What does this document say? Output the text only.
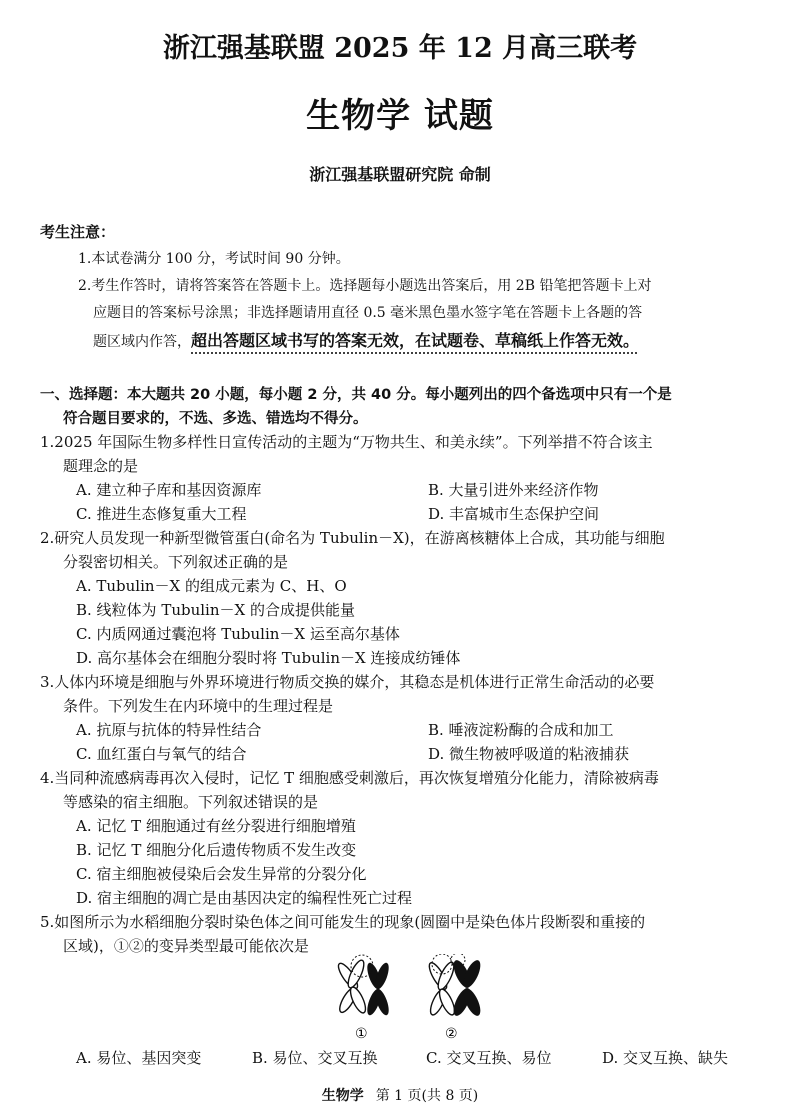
浙江强基联盟 2025 年 12 月高三联考
生物学 试题
浙江强基联盟研究院 命制
考生注意：
1.本试卷满分 100 分，考试时间 90 分钟。
2.考生作答时，请将答案答在答题卡上。选择题每小题选出答案后，用 2B 铅笔把答题卡上对
应题目的答案标号涂黑；非选择题请用直径 0.5 毫米黑色墨水签字笔在答题卡上各题的答
题区域内作答，超出答题区域书写的答案无效，在试题卷、草稿纸上作答无效。
一、选择题：本大题共 20 小题，每小题 2 分，共 40 分。每小题列出的四个备选项中只有一个是
符合题目要求的，不选、多选、错选均不得分。
1.2025 年国际生物多样性日宣传活动的主题为“万物共生、和美永续”。下列举措不符合该主
题理念的是
A. 建立种子库和基因资源库	B. 大量引进外来经济作物
C. 推进生态修复重大工程	D. 丰富城市生态保护空间
2.研究人员发现一种新型微管蛋白(命名为 Tubulin－X)，在游离核糖体上合成，其功能与细胞
分裂密切相关。下列叙述正确的是
A. Tubulin－X 的组成元素为 C、H、O
B. 线粒体为 Tubulin－X 的合成提供能量
C. 内质网通过囊泡将 Tubulin－X 运至高尔基体
D. 高尔基体会在细胞分裂时将 Tubulin－X 连接成纺锤体
3.人体内环境是细胞与外界环境进行物质交换的媒介，其稳态是机体进行正常生命活动的必要
条件。下列发生在内环境中的生理过程是
A. 抗原与抗体的特异性结合	B. 唾液淀粉酶的合成和加工
C. 血红蛋白与氧气的结合	D. 微生物被呼吸道的粘液捕获
4.当同种流感病毒再次入侵时，记忆 T 细胞感受刺激后，再次恢复增殖分化能力，清除被病毒
等感染的宿主细胞。下列叙述错误的是
A. 记忆 T 细胞通过有丝分裂进行细胞增殖
B. 记忆 T 细胞分化后遗传物质不发生改变
C. 宿主细胞被侵染后会发生异常的分裂分化
D. 宿主细胞的凋亡是由基因决定的编程性死亡过程
5.如图所示为水稻细胞分裂时染色体之间可能发生的现象(圆圈中是染色体片段断裂和重接的
区域)，①②的变异类型最可能依次是
①	②
A. 易位、基因突变	B. 易位、交叉互换	C. 交叉互换、易位	D. 交叉互换、缺失
生物学 第 1 页(共 8 页)
